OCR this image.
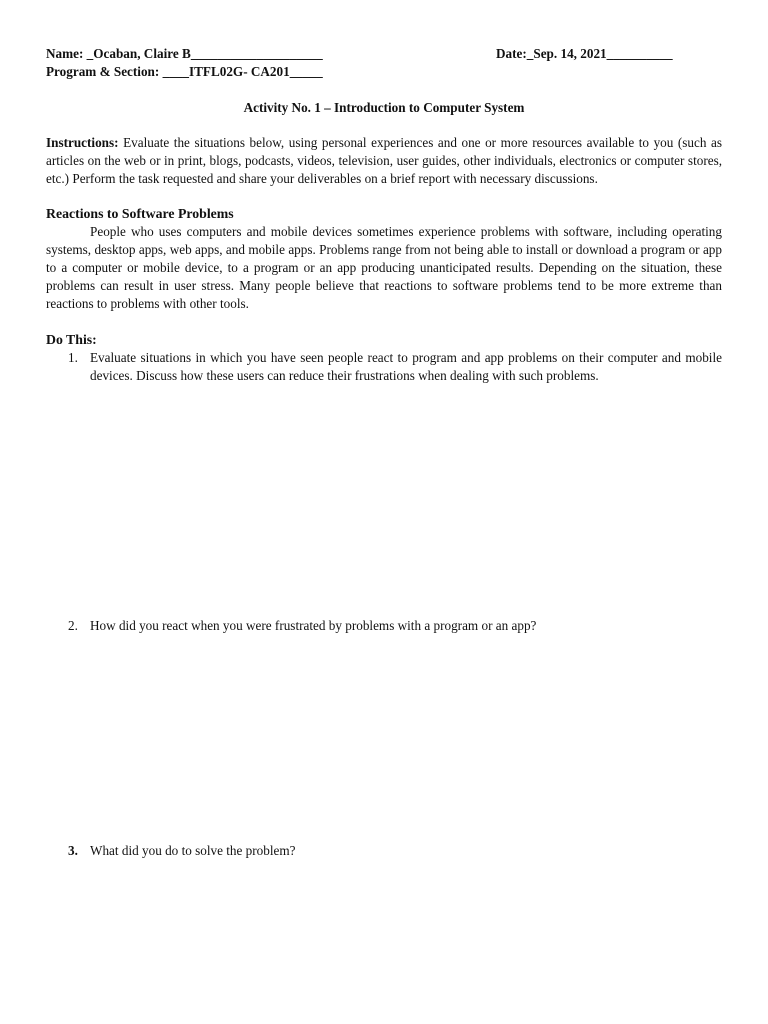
Name: _Ocaban, Claire B____________________	Date:_Sep. 14, 2021__________
Program & Section: ____ITFL02G- CA201_____
Activity No. 1 – Introduction to Computer System
Instructions: Evaluate the situations below, using personal experiences and one or more resources available to you (such as articles on the web or in print, blogs, podcasts, videos, television, user guides, other individuals, electronics or computer stores, etc.) Perform the task requested and share your deliverables on a brief report with necessary discussions.
Reactions to Software Problems
People who uses computers and mobile devices sometimes experience problems with software, including operating systems, desktop apps, web apps, and mobile apps. Problems range from not being able to install or download a program or app to a computer or mobile device, to a program or an app producing unanticipated results. Depending on the situation, these problems can result in user stress. Many people believe that reactions to software problems tend to be more extreme than reactions to problems with other tools.
Do This:
1. Evaluate situations in which you have seen people react to program and app problems on their computer and mobile devices. Discuss how these users can reduce their frustrations when dealing with such problems.
2. How did you react when you were frustrated by problems with a program or an app?
3. What did you do to solve the problem?
